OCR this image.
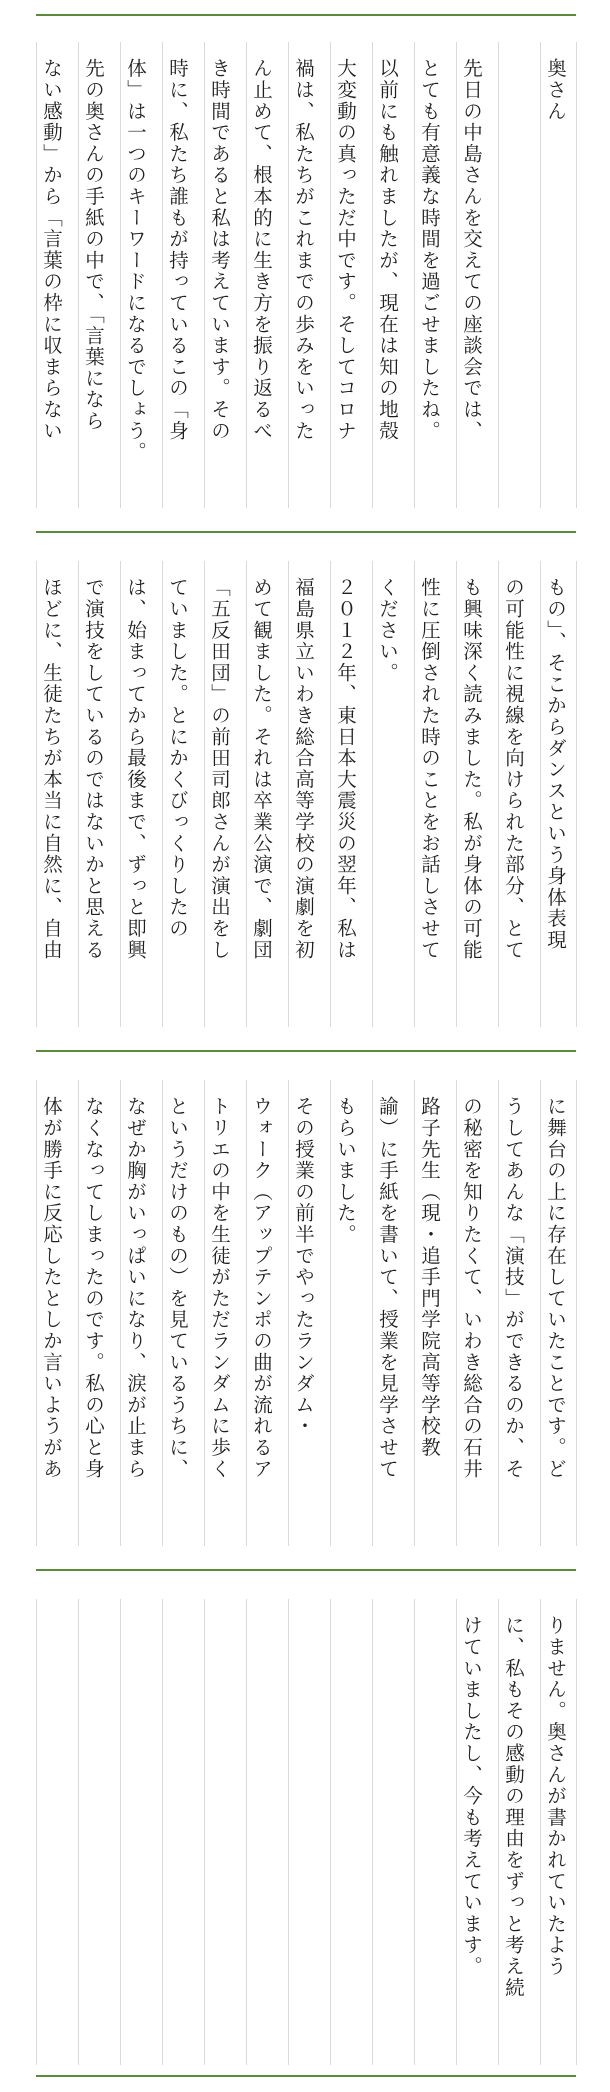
奥さん
先日の中島さんを交えての座談会では、
とても有意義な時間を過ごせましたね。
以前にも触れましたが、現在は知の地殻
大変動の真っただ中です。そしてコロナ
禍は、私たちがこれまでの歩みをいった
ん止めて、根本的に生き方を振り返るべ
き時間であると私は考えています。その
時に、私たち誰もが持っているこの「身
体」は一つのキーワードになるでしょう。
先の奥さんの手紙の中で、「言葉になら
ない感動」から「言葉の枠に収まらない
もの」、そこからダンスという身体表現
の可能性に視線を向けられた部分、とて
も興味深く読みました。私が身体の可能
性に圧倒された時のことをお話しさせて
ください。
２０１２年、東日本大震災の翌年、私は
福島県立いわき総合高等学校の演劇を初
めて観ました。それは卒業公演で、劇団
「五反田団」の前田司郎さんが演出をし
ていました。とにかくびっくりしたの
は、始まってから最後まで、ずっと即興
で演技をしているのではないかと思える
ほどに、生徒たちが本当に自然に、自由
に舞台の上に存在していたことです。ど
うしてあんな「演技」ができるのか、そ
の秘密を知りたくて、いわき総合の石井
路子先生（現・追手門学院高等学校教
諭）に手紙を書いて、授業を見学させて
もらいました。
その授業の前半でやったランダム・
ウォーク（アップテンポの曲が流れるア
トリエの中を生徒がただランダムに歩く
というだけのもの）を見ているうちに、
なぜか胸がいっぱいになり、涙が止まら
なくなってしまったのです。私の心と身
体が勝手に反応したとしか言いようがあ
りません。奥さんが書かれていたよう
に、私もその感動の理由をずっと考え続
けていましたし、今も考えています。
